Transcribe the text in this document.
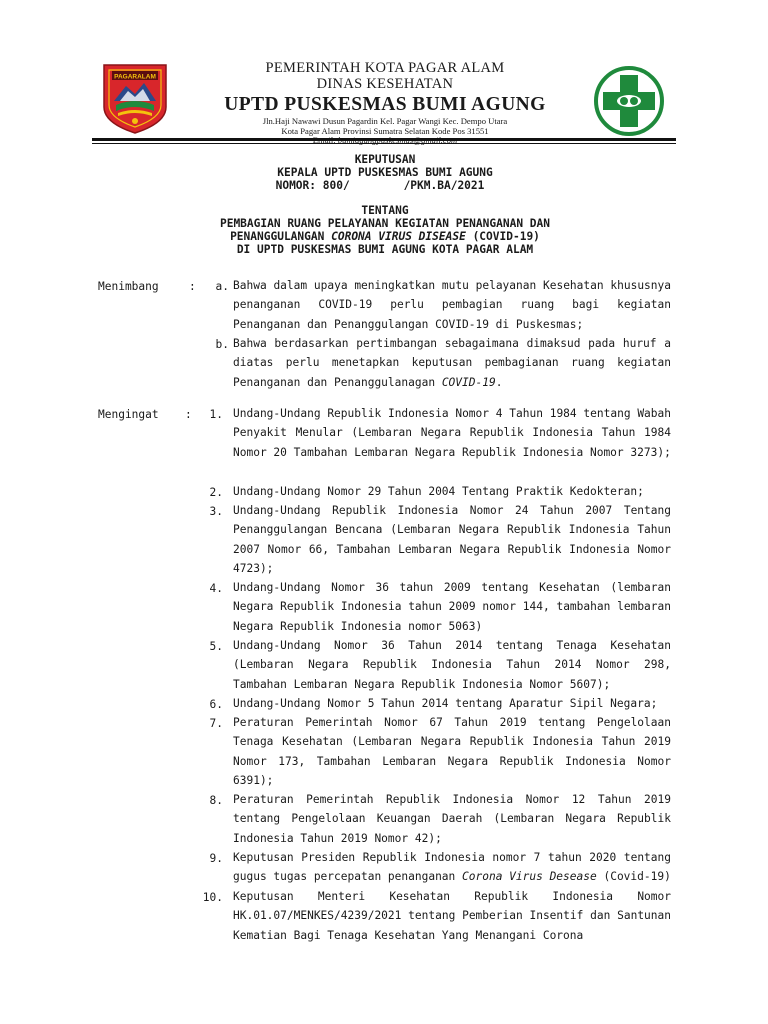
PAGARALAM
PEMERINTAH KOTA PAGAR ALAM
DINAS KESEHATAN
UPTD PUSKESMAS BUMI AGUNG
Jln.Haji Nawawi Dusun Pagardin Kel. Pagar Wangi Kec. Dempo Utara
Kota Pagar Alam Provinsi Sumatra Selatan Kode Pos 31551
KEPUTUSAN
KEPALA UPTD PUSKESMAS BUMI AGUNG
NOMOR: 800/        /PKM.BA/2021
TENTANG
PEMBAGIAN RUANG PELAYANAN KEGIATAN PENANGANAN DAN
PENANGGULANGAN CORONA VIRUS DISEASE (COVID-19)
DI UPTD PUSKESMAS BUMI AGUNG KOTA PAGAR ALAM
Menimbang	:	a. Bahwa dalam upaya meningkatkan mutu pelayanan Kesehatan khususnya penanganan COVID-19 perlu pembagian ruang bagi kegiatan Penanganan dan Penanggulangan COVID-19 di Puskesmas;
b. Bahwa berdasarkan pertimbangan sebagaimana dimaksud pada huruf a diatas perlu menetapkan keputusan pembagianan ruang kegiatan Penanganan dan Penanggulanagan COVID-19.
Mengingat :	1. Undang-Undang Republik Indonesia Nomor 4 Tahun 1984 tentang Wabah Penyakit Menular (Lembaran Negara Republik Indonesia Tahun 1984 Nomor 20 Tambahan Lembaran Negara Republik Indonesia Nomor 3273);
2. Undang-Undang Nomor 29 Tahun 2004 Tentang Praktik Kedokteran;
3. Undang-Undang Republik Indonesia Nomor 24 Tahun 2007 Tentang Penanggulangan Bencana (Lembaran Negara Republik Indonesia Tahun 2007 Nomor 66, Tambahan Lembaran Negara Republik Indonesia Nomor 4723);
4. Undang-Undang Nomor 36 tahun 2009 tentang Kesehatan (lembaran Negara Republik Indonesia tahun 2009 nomor 144, tambahan lembaran Negara Republik Indonesia nomor 5063)
5. Undang-Undang Nomor 36 Tahun 2014 tentang Tenaga Kesehatan (Lembaran Negara Republik Indonesia Tahun 2014 Nomor 298, Tambahan Lembaran Negara Republik Indonesia Nomor 5607);
6. Undang-Undang Nomor 5 Tahun 2014 tentang Aparatur Sipil Negara;
7. Peraturan Pemerintah Nomor 67 Tahun 2019 tentang Pengelolaan Tenaga Kesehatan (Lembaran Negara Republik Indonesia Tahun 2019 Nomor 173, Tambahan Lembaran Negara Republik Indonesia Nomor 6391);
8. Peraturan Pemerintah Republik Indonesia Nomor 12 Tahun 2019 tentang Pengelolaan Keuangan Daerah (Lembaran Negara Republik Indonesia Tahun 2019 Nomor 42);
9. Keputusan Presiden Republik Indonesia nomor 7 tahun 2020 tentang gugus tugas percepatan penanganan Corona Virus Desease (Covid-19)
10. Keputusan Menteri Kesehatan Republik Indonesia Nomor HK.01.07/MENKES/4239/2021 tentang Pemberian Insentif dan Santunan Kematian Bagi Tenaga Kesehatan Yang Menangani Corona
